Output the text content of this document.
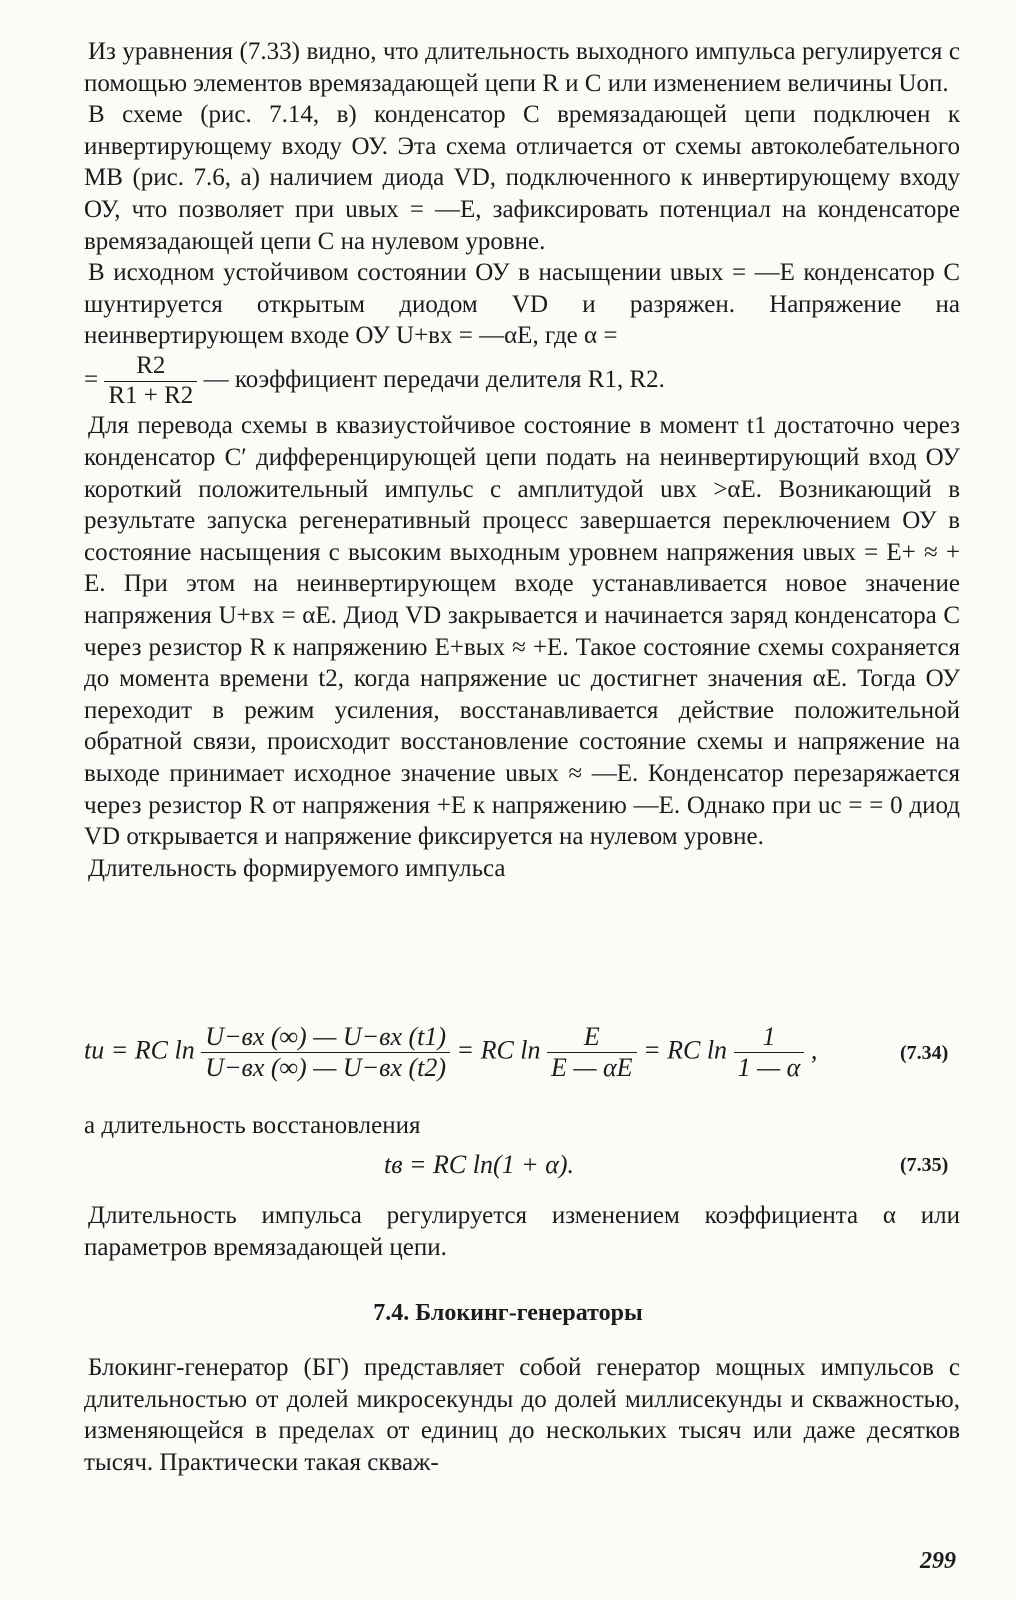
Из уравнения (7.33) видно, что длительность выходного импульса регулируется с помощью элементов времязадающей цепи R и C или изменением величины Uоп.

В схеме (рис. 7.14, в) конденсатор C времязадающей цепи подключен к инвертирующему входу ОУ. Эта схема отличается от схемы автоколебательного МВ (рис. 7.6, а) наличием диода VD, подключенного к инвертирующему входу ОУ, что позволяет при uвых = —E, зафиксировать потенциал на конденсаторе времязадающей цепи C на нулевом уровне.

В исходном устойчивом состоянии ОУ в насыщении uвых = —E конденсатор C шунтируется открытым диодом VD и разряжен. Напряжение на неинвертирующем входе ОУ U+вх = —αE, где α =

= $\frac{R2}{R1 + R2}$ — коэффициент передачи делителя R1, R2.

Для перевода схемы в квазиустойчивое состояние в момент t1 достаточно через конденсатор C′ дифференцирующей цепи подать на неинвертирующий вход ОУ короткий положительный импульс с амплитудой uвх >αE. Возникающий в результате запуска регенеративный процесс завершается переключением ОУ в состояние насыщения с высоким выходным уровнем напряжения uвых = E+ ≈ + E. При этом на неинвертирующем входе устанавливается новое значение напряжения U+вх = αE. Диод VD закрывается и начинается заряд конденсатора C через резистор R к напряжению E+вых ≈ +E. Такое состояние схемы сохраняется до момента времени t2, когда напряжение uc достигнет значения αE. Тогда ОУ переходит в режим усиления, восстанавливается действие положительной обратной связи, происходит восстановление состояние схемы и напряжение на выходе принимает исходное значение uвых ≈ —E. Конденсатор перезаряжается через резистор R от напряжения +E к напряжению —E. Однако при uc = = 0 диод VD открывается и напряжение фиксируется на нулевом уровне.

Длительность формируемого импульса

tи = RC $\ln \frac{U-вх (\infty) — U-вх (t1)}{U-вх (\infty) — U-вх (t2)}$ = RC $\ln \frac{E}{E — \alpha E}$ = RC $\ln \frac{1}{1 — \alpha}$ ,	(7.34)

а длительность восстановления

tв = RC ln(1 + α).	(7.35)

Длительность импульса регулируется изменением коэффициента α или параметров времязадающей цепи.

7.4. Блокинг-генераторы

Блокинг-генератор (БГ) представляет собой генератор мощных импульсов с длительностью от долей микросекунды до долей миллисекунды и скважностью, изменяющейся в пределах от единиц до нескольких тысяч или даже десятков тысяч. Практически такая скваж-

299
